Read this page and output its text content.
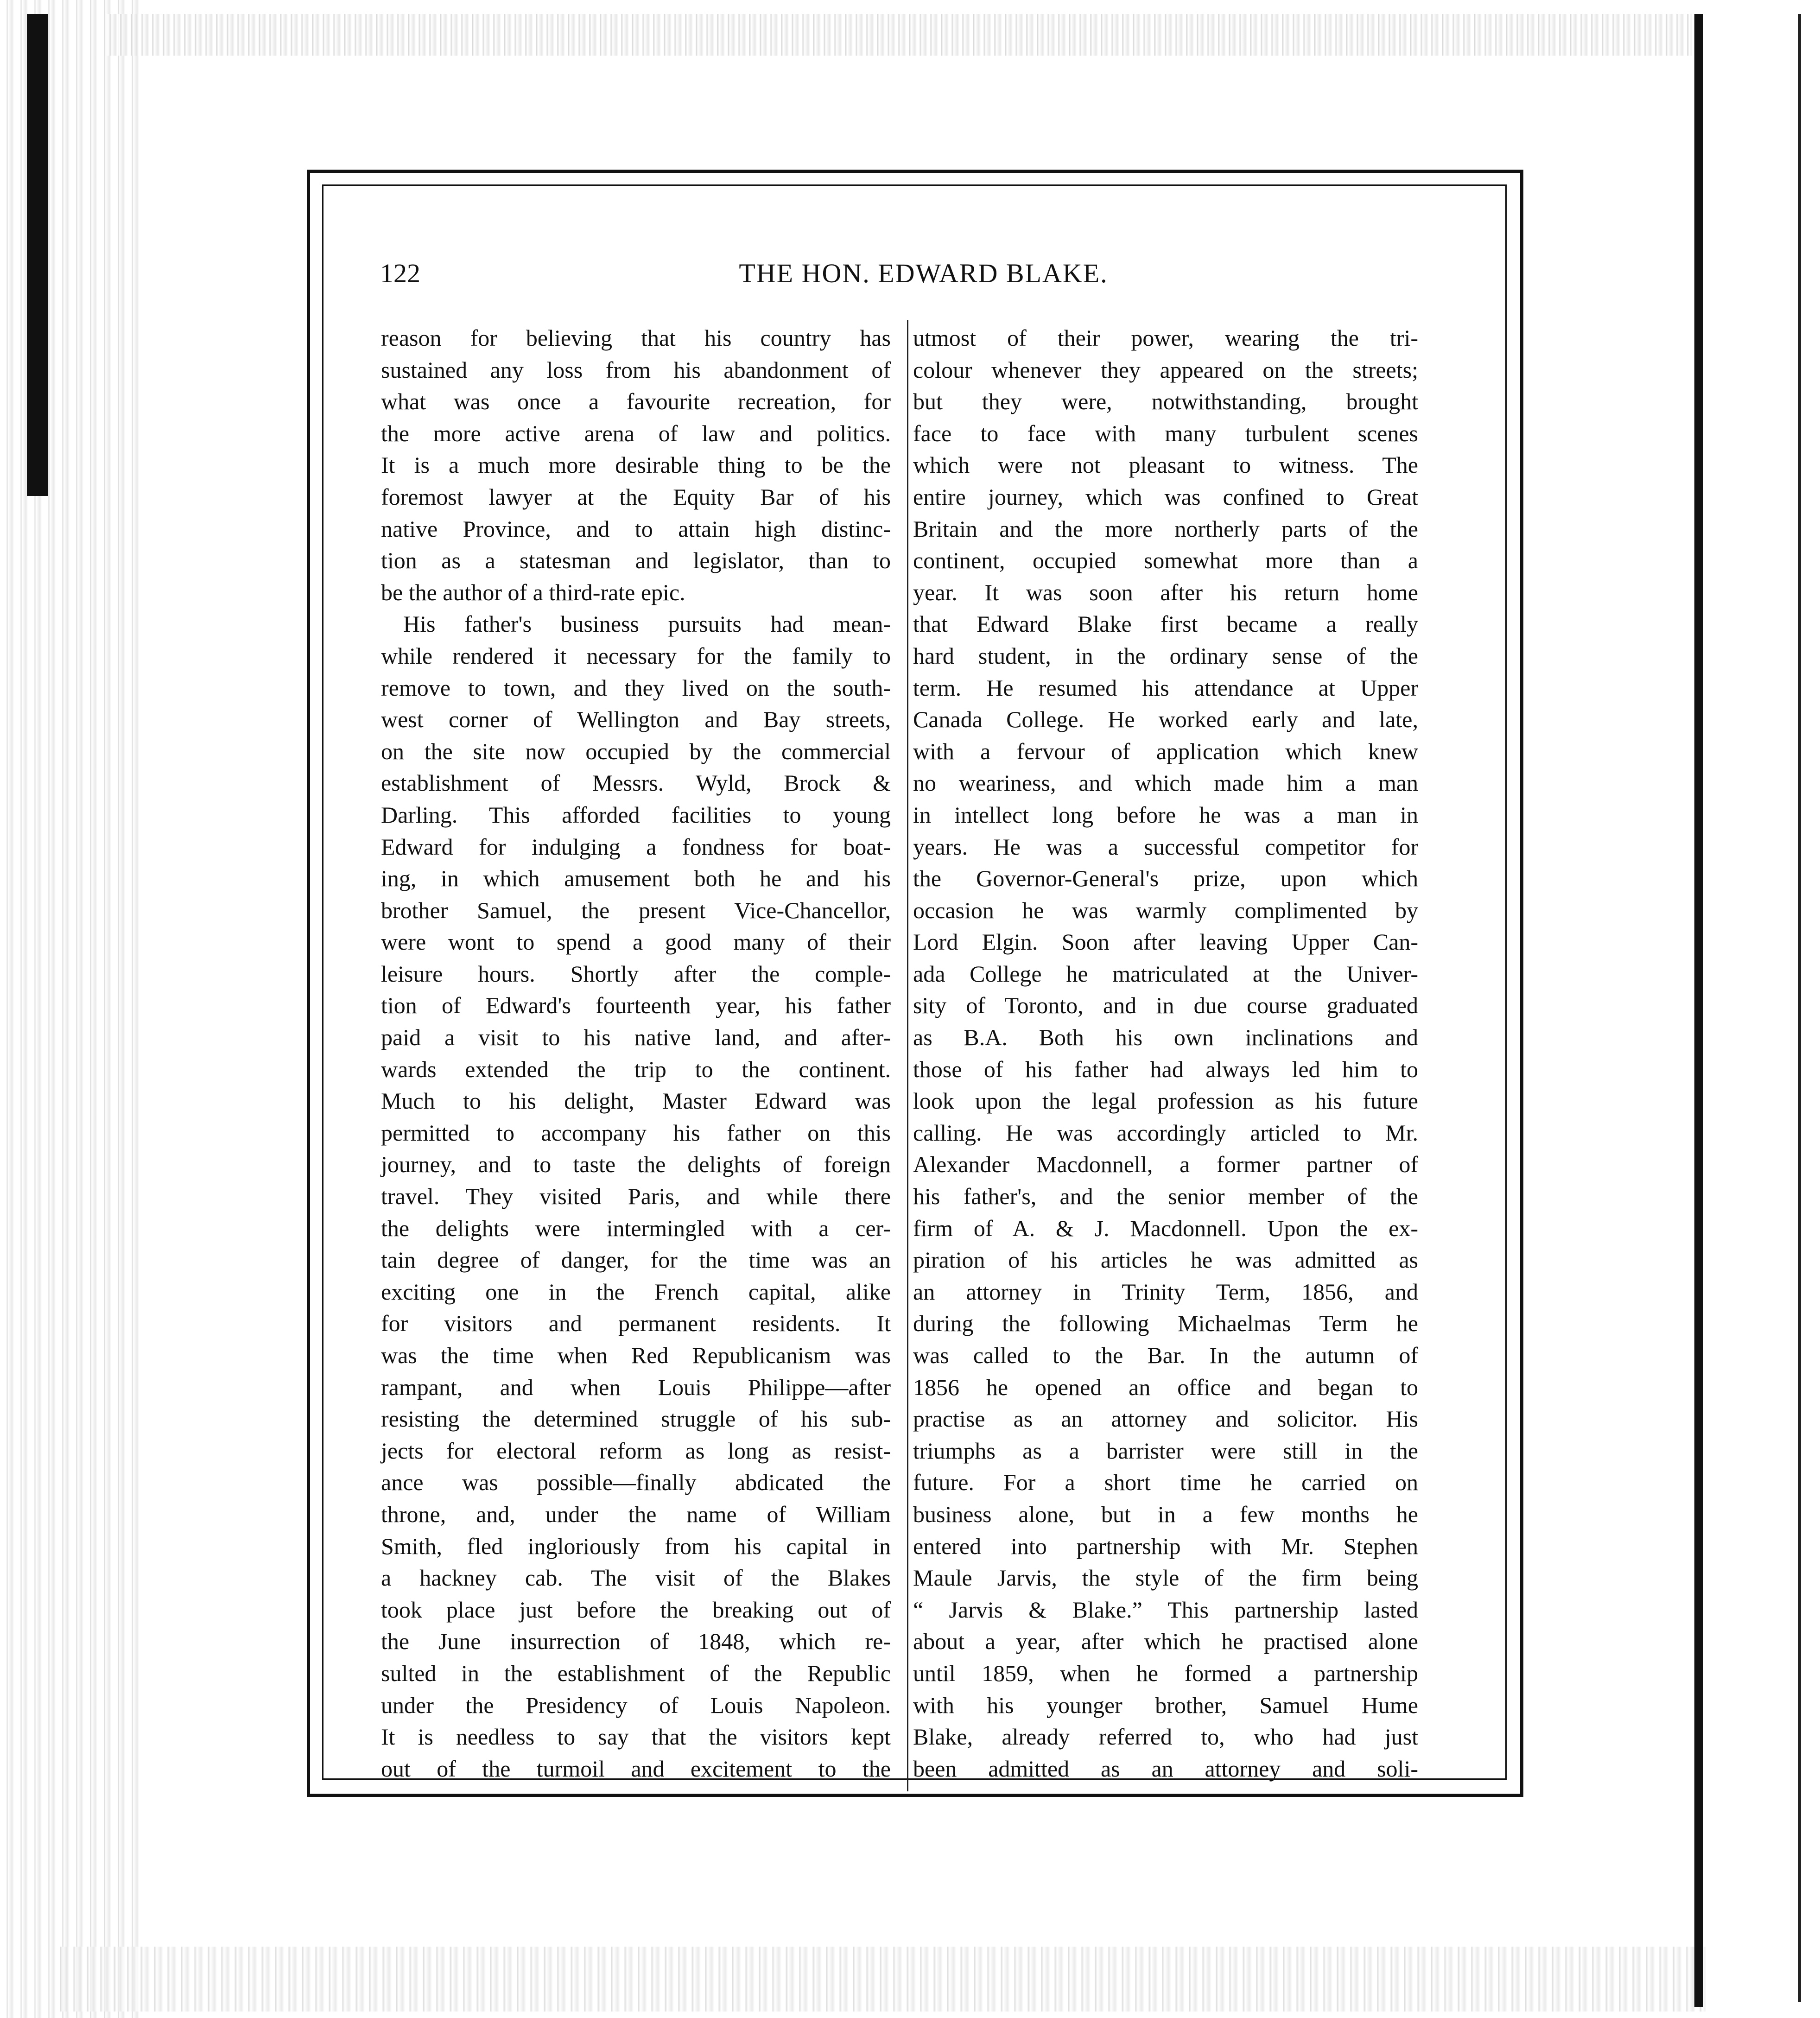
122	THE HON. EDWARD BLAKE.
reason for believing that his country has
sustained any loss from his abandonment of
what was once a favourite recreation, for
the more active arena of law and politics.
It is a much more desirable thing to be the
foremost lawyer at the Equity Bar of his
native Province, and to attain high distinc-
tion as a statesman and legislator, than to
be the author of a third-rate epic.
His father's business pursuits had mean-
while rendered it necessary for the family to
remove to town, and they lived on the south-
west corner of Wellington and Bay streets,
on the site now occupied by the commercial
establishment of Messrs. Wyld, Brock &
Darling. This afforded facilities to young
Edward for indulging a fondness for boat-
ing, in which amusement both he and his
brother Samuel, the present Vice-Chancellor,
were wont to spend a good many of their
leisure hours. Shortly after the comple-
tion of Edward's fourteenth year, his father
paid a visit to his native land, and after-
wards extended the trip to the continent.
Much to his delight, Master Edward was
permitted to accompany his father on this
journey, and to taste the delights of foreign
travel. They visited Paris, and while there
the delights were intermingled with a cer-
tain degree of danger, for the time was an
exciting one in the French capital, alike
for visitors and permanent residents. It
was the time when Red Republicanism was
rampant, and when Louis Philippe—after
resisting the determined struggle of his sub-
jects for electoral reform as long as resist-
ance was possible—finally abdicated the
throne, and, under the name of William
Smith, fled ingloriously from his capital in
a hackney cab. The visit of the Blakes
took place just before the breaking out of
the June insurrection of 1848, which re-
sulted in the establishment of the Republic
under the Presidency of Louis Napoleon.
It is needless to say that the visitors kept
out of the turmoil and excitement to the
utmost of their power, wearing the tri-
colour whenever they appeared on the streets;
but they were, notwithstanding, brought
face to face with many turbulent scenes
which were not pleasant to witness. The
entire journey, which was confined to Great
Britain and the more northerly parts of the
continent, occupied somewhat more than a
year. It was soon after his return home
that Edward Blake first became a really
hard student, in the ordinary sense of the
term. He resumed his attendance at Upper
Canada College. He worked early and late,
with a fervour of application which knew
no weariness, and which made him a man
in intellect long before he was a man in
years. He was a successful competitor for
the Governor-General's prize, upon which
occasion he was warmly complimented by
Lord Elgin. Soon after leaving Upper Can-
ada College he matriculated at the Univer-
sity of Toronto, and in due course graduated
as B.A. Both his own inclinations and
those of his father had always led him to
look upon the legal profession as his future
calling. He was accordingly articled to Mr.
Alexander Macdonnell, a former partner of
his father's, and the senior member of the
firm of A. & J. Macdonnell. Upon the ex-
piration of his articles he was admitted as
an attorney in Trinity Term, 1856, and
during the following Michaelmas Term he
was called to the Bar. In the autumn of
1856 he opened an office and began to
practise as an attorney and solicitor. His
triumphs as a barrister were still in the
future. For a short time he carried on
business alone, but in a few months he
entered into partnership with Mr. Stephen
Maule Jarvis, the style of the firm being
“ Jarvis & Blake.” This partnership lasted
about a year, after which he practised alone
until 1859, when he formed a partnership
with his younger brother, Samuel Hume
Blake, already referred to, who had just
been admitted as an attorney and soli-
